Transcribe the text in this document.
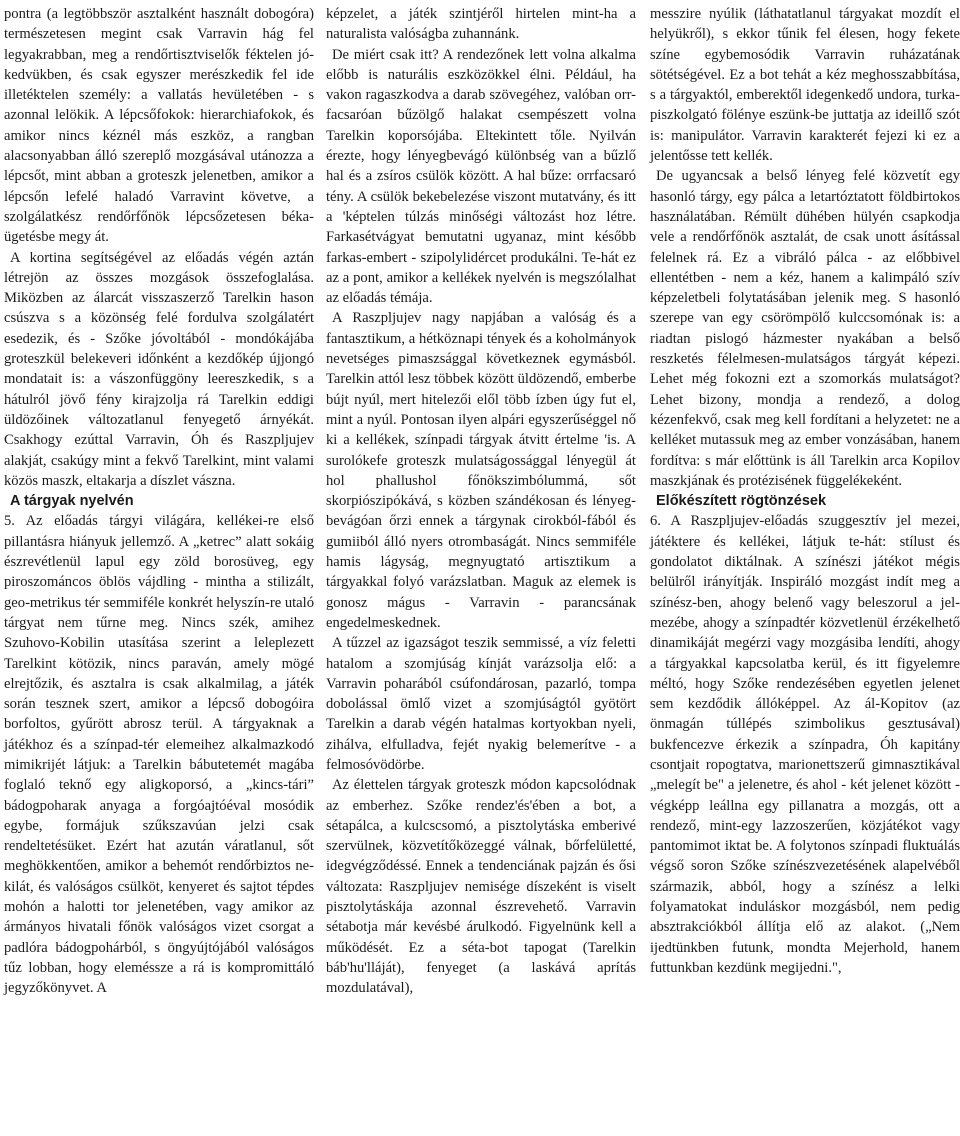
pontra (a legtöbbször asztalként használt dobogóra) természetesen megint csak Varravin hág fel legyakrabban, meg a rendőrtisztviselők féktelen jó-kedvükben, és csak egyszer merészkedik fel ide illetéktelen személy: a vallatás hevületében - s azonnal lelökik. A lépcsőfokok: hierarchiafokok, és amikor nincs kéznél más eszköz, a rangban alacsonyabban álló szereplő mozgásával utánozza a lépcsőt, mint abban a groteszk jelenetben, amikor a lépcsőn lefelé haladó Varravint követve, a szolgálatkész rendőrfőnök lépcsőzetesen béka-ügetésbe megy át.

A kortina segítségével az előadás végén aztán létrejön az összes mozgások összefoglalása. Miközben az álarcát visszaszerző Tarelkin hason csúszva s a közönség felé fordulva szolgálatért esedezik, és - Szőke jóvoltából - mondókájába groteszkül belekeveri időnként a kezdőkép újjongó mondatait is: a vászonfüggöny leereszkedik, s a hátulról jövő fény kirajzolja rá Tarelkin eddigi üldözőinek változatlanul fenyegető árnyékát. Csakhogy ezúttal Varravin, Óh és Raszpljujev alakját, csakúgy mint a fekvő Tarelkint, mint valami közös maszk, eltakarja a díszlet vászna.

A tárgyak nyelvén

5. Az előadás tárgyi világára, kellékei-re első pillantásra hiányuk jellemző. A „ketrec” alatt sokáig észrevétlenül lapul egy zöld borosüveg, egy piroszománcos öblös vájdling - mintha a stilizált, geo-metrikus tér semmiféle konkrét helyszín-re utaló tárgyat nem tűrne meg. Nincs szék, amihez Szuhovo-Kobilin utasítása szerint a leleplezett Tarelkint kötözik, nincs paraván, amely mögé elrejtőzik, és asztalra is csak alkalmilag, a játék során tesznek szert, amikor a lépcső dobogóira borfoltos, gyűrött abrosz terül. A tárgyaknak a játékhoz és a színpad-tér elemeihez alkalmazkodó mimikrijét látjuk: a Tarelkin bábutetemét magába foglaló teknő egy aligkoporsó, a „kincs-tári” bádogpoharak anyaga a forgóajtóéval mosódik egybe, formájuk szűkszavúan jelzi csak rendeltetésüket. Ezért hat azután váratlanul, sőt meghökkentően, amikor a behemót rendőrbiztos ne-kilát, és valóságos csülköt, kenyeret és sajtot tépdes mohón a halotti tor jelenetében, vagy amikor az ármányos hivatali főnök valóságos vizet csorgat a padlóra bádogpohárból, s öngyújtójából valóságos tűz lobban, hogy eleméssze a rá is kompromittáló jegyzőkönyvet. A

képzelet, a játék szintjéről hirtelen mint-ha a naturalista valóságba zuhannánk.

De miért csak itt? A rendezőnek lett volna alkalma előbb is naturális eszközökkel élni. Például, ha vakon ragaszkodva a darab szövegéhez, valóban orr-facsaróan bűzölgő halakat csempészett volna Tarelkin koporsójába. Eltekintett tőle. Nyilván érezte, hogy lényegbevágó különbség van a bűzlő hal és a zsíros csülök között. A hal bűze: orrfacsaró tény. A csülök bekebelezése viszont mutatvány, és itt a 'képtelen túlzás minőségi változást hoz létre. Farkasétvágyat bemutatni ugyanaz, mint később farkas-embert - szipolylidércet produkálni. Te-hát ez az a pont, amikor a kellékek nyelvén is megszólalhat az előadás témája.

A Raszpljujev nagy napjában a valóság és a fantasztikum, a hétköznapi tények és a koholmányok nevetséges pimaszsággal következnek egymásból. Tarelkin attól lesz többek között üldözendő, emberbe bújt nyúl, mert hitelezői elől több ízben úgy fut el, mint a nyúl. Pontosan ilyen alpári egyszerűséggel nő ki a kellékek, színpadi tárgyak átvitt értelme 'is. A surolókefe groteszk mulatságossággal lényegül át hol phallushol főnökszimbólummá, sőt skorpiószipókává, s közben szándékosan és lényeg-bevágóan őrzi ennek a tárgynak cirokból-fából és gumiiból álló nyers otrombaságát. Nincs semmiféle hamis lágyság, megnyugtató artisztikum a tárgyakkal folyó varázslatban. Maguk az elemek is gonosz mágus - Varravin - parancsának engedelmeskednek.

A tűzzel az igazságot teszik semmissé, a víz feletti hatalom a szomjúság kínját varázsolja elő: a Varravin poharából csúfondárosan, pazarló, tompa dobolással ömlő vizet a szomjúságtól gyötört Tarelkin a darab végén hatalmas kortyokban nyeli, zihálva, elfulladva, fejét nyakig belemerítve - a felmosóvödörbe.

Az élettelen tárgyak groteszk módon kapcsolódnak az emberhez. Szőke rendez'és'ében a bot, a sétapálca, a kulcscsomó, a pisztolytáska emberivé szervülnek, közvetítőközeggé válnak, bőrfelületté, idegvégződéssé. Ennek a tendenciának pajzán és ősi változata: Raszpljujev nemisége díszeként is viselt pisztolytáskája azonnal észrevehető. Varravin sétabotja már kevésbé árulkodó. Figyelnünk kell a működését. Ez a séta-bot tapogat (Tarelkin báb'hu'lláját), fenyeget (a laskává aprítás mozdulatával),

messzire nyúlik (láthatatlanul tárgyakat mozdít el helyükről), s ekkor tűnik fel élesen, hogy fekete színe egybemosódik Varravin ruházatának sötétségével. Ez a bot tehát a kéz meghosszabbítása, s a tárgyaktól, emberektől idegenkedő undora, turka-piszkolgató fölénye eszünk-be juttatja az ideillő szót is: manipulátor. Varravin karakterét fejezi ki ez a jelentősse tett kellék.

De ugyancsak a belső lényeg felé közvetít egy hasonló tárgy, egy pálca a letartóztatott földbirtokos használatában. Rémült dühében hülyén csapkodja vele a rendőrfőnök asztalát, de csak unott ásítással felelnek rá. Ez a vibráló pálca - az előbbivel ellentétben - nem a kéz, hanem a kalimpáló szív képzeletbeli folytatásában jelenik meg. S hasonló szerepe van egy csörömpölő kulccsomónak is: a riadtan pislogó házmester nyakában a belső reszketés félelmesen-mulatságos tárgyát képezi. Lehet még fokozni ezt a szomorkás mulatságot? Lehet bizony, mondja a rendező, a dolog kézenfekvő, csak meg kell fordítani a helyzetet: ne a kelléket mutassuk meg az ember vonzásában, hanem fordítva: s már előttünk is áll Tarelkin arca Kopilov maszkjának és protézisének függelékeként.

Előkészített rögtönzések

6. A Raszpljujev-előadás szuggesztív jel mezei, játéktere és kellékei, látjuk te-hát: stílust és gondolatot diktálnak. A színészi játékot mégis belülről irányítják. Inspiráló mozgást indít meg a színész-ben, ahogy belenő vagy beleszorul a jel-mezébe, ahogy a színpadtér közvetlenül érzékelhető dinamikáját megérzi vagy mozgásiba lendíti, ahogy a tárgyakkal kapcsolatba kerül, és itt figyelemre méltó, hogy Szőke rendezésében egyetlen jelenet sem kezdődik állóképpel. Az ál-Kopitov (az önmagán túllépés szimbolikus gesztusával) bukfencezve érkezik a színpadra, Óh kapitány csontjait ropogtatva, marionettszerű gimnasztikával „melegít be" a jelenetre, és ahol - két jelenet között - végképp leállna egy pillanatra a mozgás, ott a rendező, mint-egy lazzoszerűen, közjátékot vagy pantomimot iktat be. A folytonos színpadi fluktuálás végső soron Szőke színészvezetésének alapelvéből származik, abból, hogy a színész a lelki folyamatokat induláskor mozgásból, nem pedig absztrakciókból állítja elő az alakot. („Nem ijedtünkben futunk, mondta Mejerhold, hanem futtunkban kezdünk megijedni.",
